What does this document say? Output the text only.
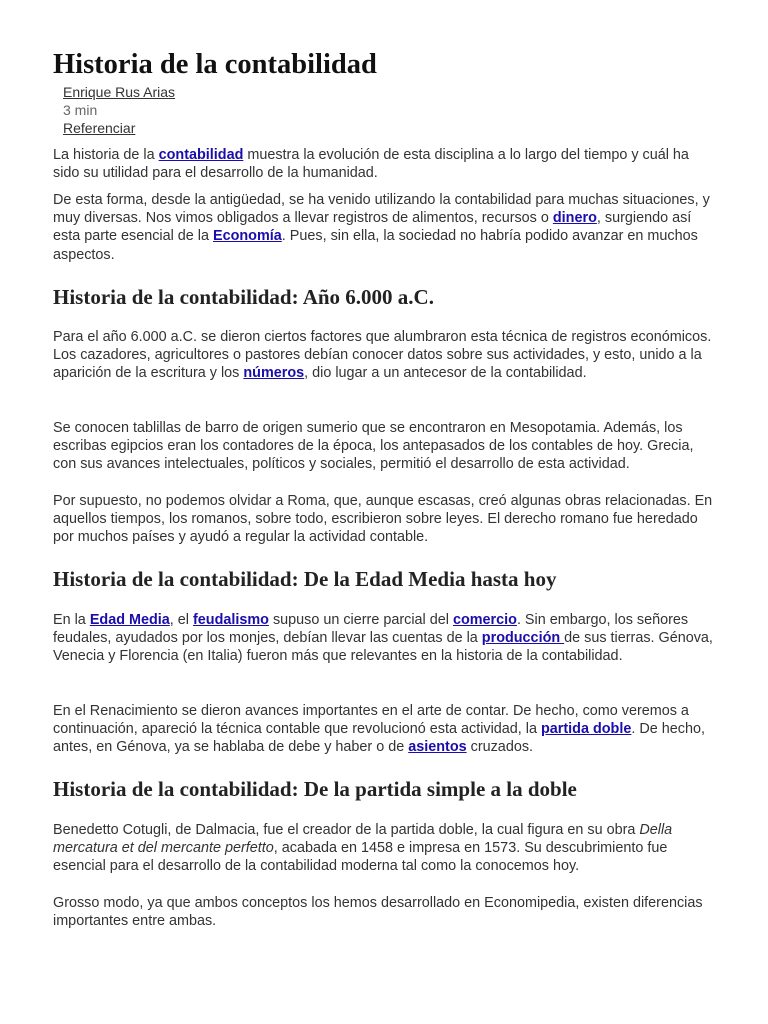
Historia de la contabilidad
Enrique Rus Arias
3 min
Referenciar

La historia de la contabilidad muestra la evolución de esta disciplina a lo largo del tiempo y cuál ha sido su utilidad para el desarrollo de la humanidad.

De esta forma, desde la antigüedad, se ha venido utilizando la contabilidad para muchas situaciones, y muy diversas. Nos vimos obligados a llevar registros de alimentos, recursos o dinero, surgiendo así esta parte esencial de la Economía. Pues, sin ella, la sociedad no habría podido avanzar en muchos aspectos.

Historia de la contabilidad: Año 6.000 a.C.

Para el año 6.000 a.C. se dieron ciertos factores que alumbraron esta técnica de registros económicos. Los cazadores, agricultores o pastores debían conocer datos sobre sus actividades, y esto, unido a la aparición de la escritura y los números, dio lugar a un antecesor de la contabilidad.

Se conocen tablillas de barro de origen sumerio que se encontraron en Mesopotamia. Además, los escribas egipcios eran los contadores de la época, los antepasados de los contables de hoy. Grecia, con sus avances intelectuales, políticos y sociales, permitió el desarrollo de esta actividad.

Por supuesto, no podemos olvidar a Roma, que, aunque escasas, creó algunas obras relacionadas. En aquellos tiempos, los romanos, sobre todo, escribieron sobre leyes. El derecho romano fue heredado por muchos países y ayudó a regular la actividad contable.

Historia de la contabilidad: De la Edad Media hasta hoy

En la Edad Media, el feudalismo supuso un cierre parcial del comercio. Sin embargo, los señores feudales, ayudados por los monjes, debían llevar las cuentas de la producción de sus tierras. Génova, Venecia y Florencia (en Italia) fueron más que relevantes en la historia de la contabilidad.

En el Renacimiento se dieron avances importantes en el arte de contar. De hecho, como veremos a continuación, apareció la técnica contable que revolucionó esta actividad, la partida doble. De hecho, antes, en Génova, ya se hablaba de debe y haber o de asientos cruzados.

Historia de la contabilidad: De la partida simple a la doble

Benedetto Cotugli, de Dalmacia, fue el creador de la partida doble, la cual figura en su obra Della mercatura et del mercante perfetto, acabada en 1458 e impresa en 1573. Su descubrimiento fue esencial para el desarrollo de la contabilidad moderna tal como la conocemos hoy.

Grosso modo, ya que ambos conceptos los hemos desarrollado en Economipedia, existen diferencias importantes entre ambas.
